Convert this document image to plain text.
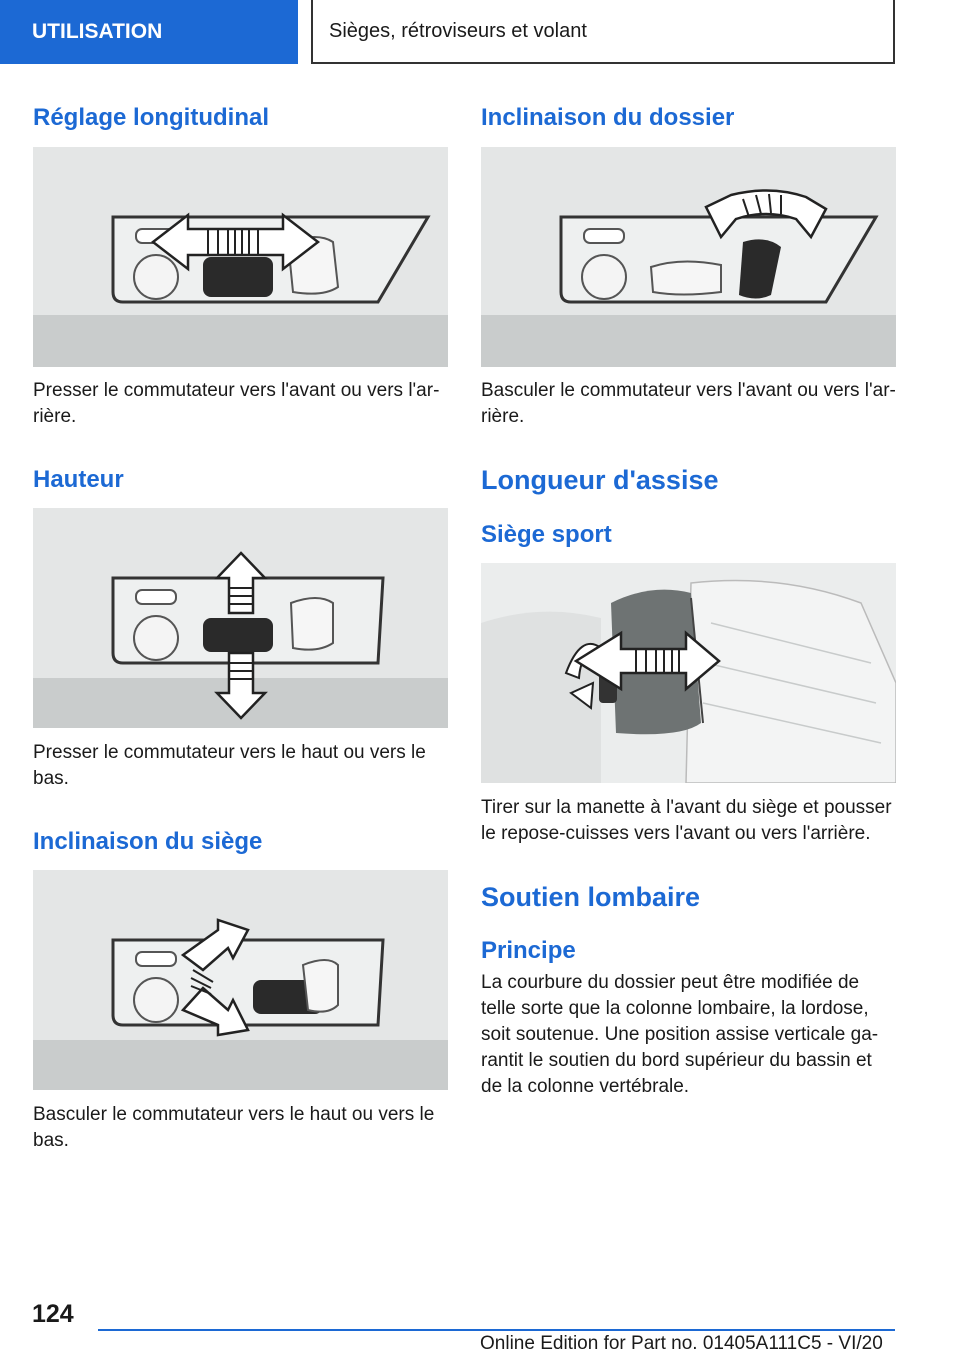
UTILISATION	Sièges, rétroviseurs et volant
Réglage longitudinal

Presser le commutateur vers l'avant ou vers l'arrière.

Hauteur

Presser le commutateur vers le haut ou vers le bas.

Inclinaison du siège

Basculer le commutateur vers le haut ou vers le bas.

Inclinaison du dossier

Basculer le commutateur vers l'avant ou vers l'arrière.

Longueur d'assise
Siège sport

Tirer sur la manette à l'avant du siège et pousser le repose-cuisses vers l'avant ou vers l'arrière.

Soutien lombaire
Principe

La courbure du dossier peut être modifiée de telle sorte que la colonne lombaire, la lordose, soit soutenue. Une position assise verticale garantit le soutien du bord supérieur du bassin et de la colonne vertébrale.

124
Online Edition for Part no. 01405A111C5 - VI/20
